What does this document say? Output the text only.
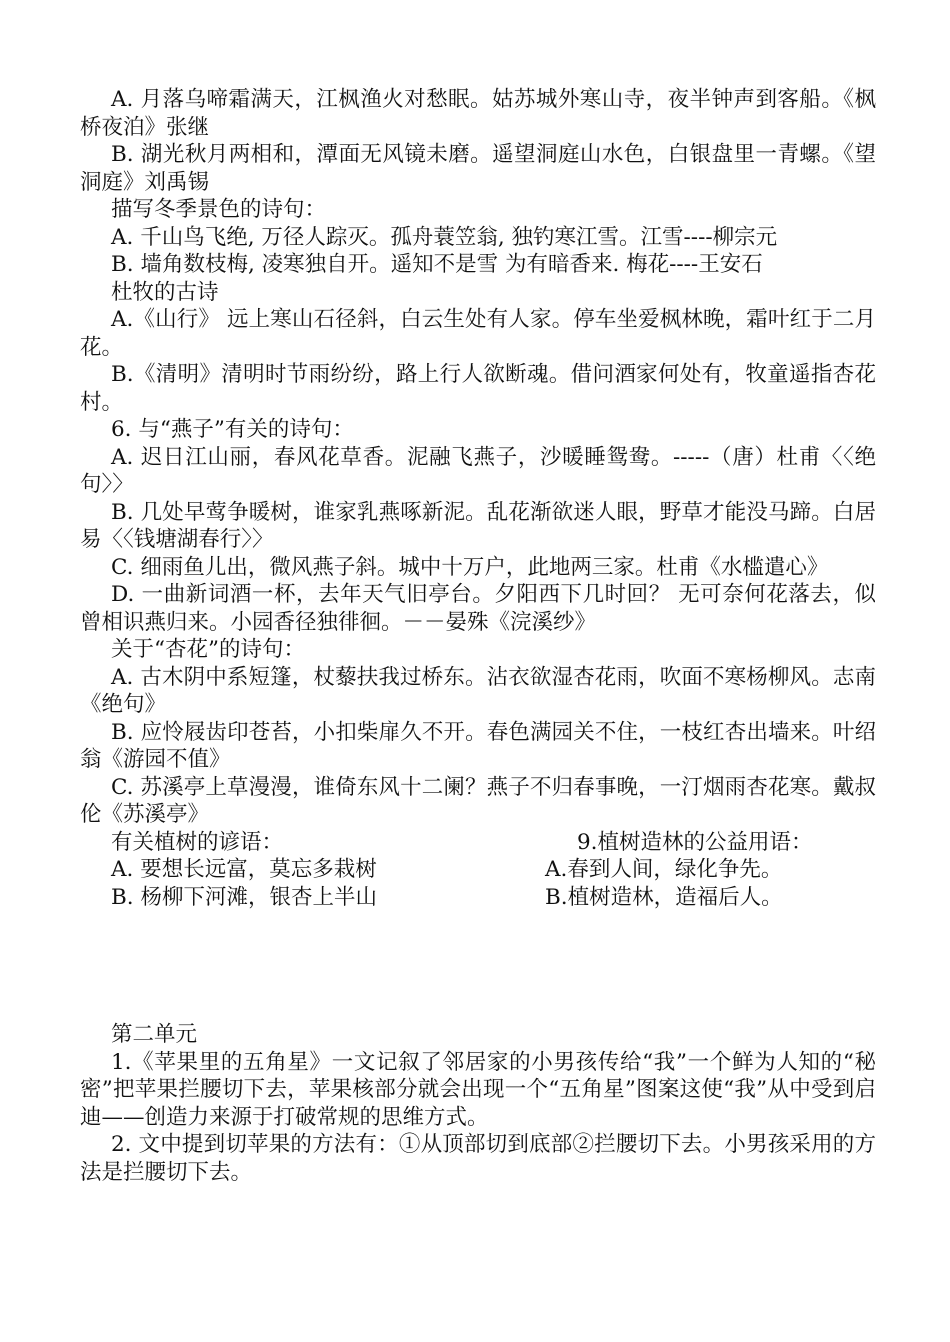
A. 月落乌啼霜满天，江枫渔火对愁眠。姑苏城外寒山寺，夜半钟声到客船。《枫桥夜泊》张继

B. 湖光秋月两相和，潭面无风镜未磨。遥望洞庭山水色，白银盘里一青螺。《望洞庭》刘禹锡

描写冬季景色的诗句：

A. 千山鸟飞绝, 万径人踪灭。孤舟蓑笠翁, 独钓寒江雪。江雪----柳宗元

B. 墙角数枝梅, 凌寒独自开。遥知不是雪 为有暗香来. 梅花----王安石

杜牧的古诗

A.《山行》 远上寒山石径斜，白云生处有人家。停车坐爱枫林晚，霜叶红于二月花。

B.《清明》清明时节雨纷纷，路上行人欲断魂。借问酒家何处有，牧童遥指杏花村。

6. 与“燕子”有关的诗句：

A. 迟日江山丽，春风花草香。泥融飞燕子，沙暖睡鸳鸯。-----（唐）杜甫〈〈绝句〉〉

B. 几处早莺争暖树，谁家乳燕啄新泥。乱花渐欲迷人眼，野草才能没马蹄。白居易〈〈钱塘湖春行〉〉

C. 细雨鱼儿出，微风燕子斜。城中十万户，此地两三家。杜甫《水槛遣心》

D. 一曲新词酒一杯，去年天气旧亭台。夕阳西下几时回？ 无可奈何花落去，似曾相识燕归来。小园香径独徘徊。－－晏殊《浣溪纱》

关于“杏花”的诗句：

A. 古木阴中系短篷，杖藜扶我过桥东。沾衣欲湿杏花雨，吹面不寒杨柳风。志南《绝句》

B. 应怜屐齿印苍苔，小扣柴扉久不开。春色满园关不住，一枝红杏出墙来。叶绍翁《游园不值》

C. 苏溪亭上草漫漫，谁倚东风十二阑？燕子不归春事晚，一汀烟雨杏花寒。戴叔伦《苏溪亭》

有关植树的谚语：	9.植树造林的公益用语：
A. 要想长远富，莫忘多栽树	A.春到人间，绿化争先。
B. 杨柳下河滩，银杏上半山	B.植树造林，造福后人。

第二单元

1.《苹果里的五角星》一文记叙了邻居家的小男孩传给“我”一个鲜为人知的“秘密”把苹果拦腰切下去，苹果核部分就会出现一个“五角星”图案这使“我”从中受到启迪——创造力来源于打破常规的思维方式。

2. 文中提到切苹果的方法有：①从顶部切到底部②拦腰切下去。小男孩采用的方法是拦腰切下去。
